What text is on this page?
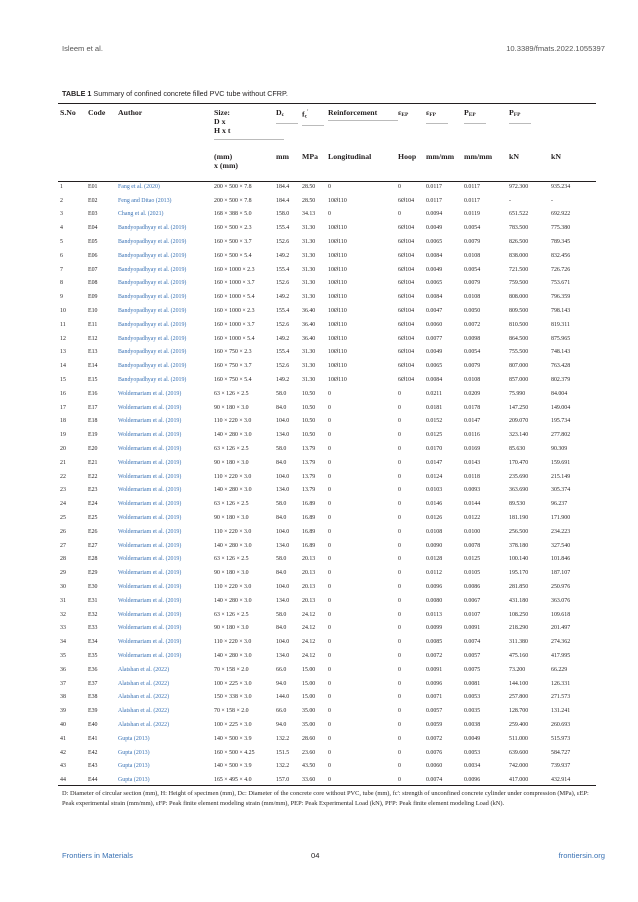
Isleem et al.	10.3389/fmats.2022.1055397
TABLE 1 Summary of confined concrete filled PVC tube without CFRP.
S.No	Code	Author	Size:
D x
H x t	$D_c$	$f_c'$	Reinforcement	$\varepsilon_{EP}$	$\varepsilon_{FP}$	$P_{EP}$	$P_{FP}$

			(mm)
x (mm)	mm	MPa	Longitudinal	Hoop	mm/mm	mm/mm	kN	kN
1	E01	Fang et al. (2020)	200 × 500 × 7.8	184.4	28.50	0	0	0.0117	0.0117	972.300	935.234
2	E02	Feng and Ditao (2013)	200 × 500 × 7.8	184.4	28.50	10Ø110	6Ø104	0.0117	0.0117	-	-
3	E03	Chang et al. (2021)	168 × 388 × 5.0	158.0	34.13	0	0	0.0094	0.0119	651.522	692.922
4	E04	Bandyopadhyay et al. (2019)	160 × 500 × 2.3	155.4	31.30	10Ø110	6Ø104	0.0049	0.0054	783.500	775.380
5	E05	Bandyopadhyay et al. (2019)	160 × 500 × 3.7	152.6	31.30	10Ø110	6Ø104	0.0065	0.0079	826.500	789.345
6	E06	Bandyopadhyay et al. (2019)	160 × 500 × 5.4	149.2	31.30	10Ø110	6Ø104	0.0084	0.0108	838.000	832.456
7	E07	Bandyopadhyay et al. (2019)	160 × 1000 × 2.3	155.4	31.30	10Ø110	6Ø104	0.0049	0.0054	721.500	726.726
8	E08	Bandyopadhyay et al. (2019)	160 × 1000 × 3.7	152.6	31.30	10Ø110	6Ø104	0.0065	0.0079	759.500	753.671
9	E09	Bandyopadhyay et al. (2019)	160 × 1000 × 5.4	149.2	31.30	10Ø110	6Ø104	0.0084	0.0108	808.000	796.359
10	E10	Bandyopadhyay et al. (2019)	160 × 1000 × 2.3	155.4	36.40	10Ø110	6Ø104	0.0047	0.0050	809.500	798.143
11	E11	Bandyopadhyay et al. (2019)	160 × 1000 × 3.7	152.6	36.40	10Ø110	6Ø104	0.0060	0.0072	810.500	819.311
12	E12	Bandyopadhyay et al. (2019)	160 × 1000 × 5.4	149.2	36.40	10Ø110	6Ø104	0.0077	0.0098	864.500	875.965
13	E13	Bandyopadhyay et al. (2019)	160 × 750 × 2.3	155.4	31.30	10Ø110	6Ø104	0.0049	0.0054	755.500	748.143
14	E14	Bandyopadhyay et al. (2019)	160 × 750 × 3.7	152.6	31.30	10Ø110	6Ø104	0.0065	0.0079	807.000	763.428
15	E15	Bandyopadhyay et al. (2019)	160 × 750 × 5.4	149.2	31.30	10Ø110	6Ø104	0.0084	0.0108	857.000	802.379
16	E16	Woldemariam et al. (2019)	63 × 126 × 2.5	58.0	10.50	0	0	0.0211	0.0209	75.990	84.004
17	E17	Woldemariam et al. (2019)	90 × 180 × 3.0	84.0	10.50	0	0	0.0181	0.0178	147.250	149.004
18	E18	Woldemariam et al. (2019)	110 × 220 × 3.0	104.0	10.50	0	0	0.0152	0.0147	209.070	195.734
19	E19	Woldemariam et al. (2019)	140 × 280 × 3.0	134.0	10.50	0	0	0.0125	0.0116	323.140	277.802
20	E20	Woldemariam et al. (2019)	63 × 126 × 2.5	58.0	13.79	0	0	0.0170	0.0169	85.630	90.309
21	E21	Woldemariam et al. (2019)	90 × 180 × 3.0	84.0	13.79	0	0	0.0147	0.0143	170.470	159.691
22	E22	Woldemariam et al. (2019)	110 × 220 × 3.0	104.0	13.79	0	0	0.0124	0.0118	235.690	215.149
23	E23	Woldemariam et al. (2019)	140 × 280 × 3.0	134.0	13.79	0	0	0.0103	0.0093	363.690	305.374
24	E24	Woldemariam et al. (2019)	63 × 126 × 2.5	58.0	16.89	0	0	0.0146	0.0144	89.530	96.237
25	E25	Woldemariam et al. (2019)	90 × 180 × 3.0	84.0	16.89	0	0	0.0126	0.0122	181.190	171.900
26	E26	Woldemariam et al. (2019)	110 × 220 × 3.0	104.0	16.89	0	0	0.0108	0.0100	256.500	234.223
27	E27	Woldemariam et al. (2019)	140 × 280 × 3.0	134.0	16.89	0	0	0.0090	0.0078	378.180	327.540
28	E28	Woldemariam et al. (2019)	63 × 126 × 2.5	58.0	20.13	0	0	0.0128	0.0125	100.140	101.846
29	E29	Woldemariam et al. (2019)	90 × 180 × 3.0	84.0	20.13	0	0	0.0112	0.0105	195.170	187.107
30	E30	Woldemariam et al. (2019)	110 × 220 × 3.0	104.0	20.13	0	0	0.0096	0.0086	281.850	250.976
31	E31	Woldemariam et al. (2019)	140 × 280 × 3.0	134.0	20.13	0	0	0.0080	0.0067	431.180	363.076
32	E32	Woldemariam et al. (2019)	63 × 126 × 2.5	58.0	24.12	0	0	0.0113	0.0107	108.250	109.618
33	E33	Woldemariam et al. (2019)	90 × 180 × 3.0	84.0	24.12	0	0	0.0099	0.0091	218.290	201.497
34	E34	Woldemariam et al. (2019)	110 × 220 × 3.0	104.0	24.12	0	0	0.0085	0.0074	311.380	274.362
35	E35	Woldemariam et al. (2019)	140 × 280 × 3.0	134.0	24.12	0	0	0.0072	0.0057	475.160	417.995
36	E36	Alatshan et al. (2022)	70 × 158 × 2.0	66.0	15.00	0	0	0.0091	0.0075	73.200	66.229
37	E37	Alatshan et al. (2022)	100 × 225 × 3.0	94.0	15.00	0	0	0.0096	0.0081	144.100	126.331
38	E38	Alatshan et al. (2022)	150 × 338 × 3.0	144.0	15.00	0	0	0.0071	0.0053	257.800	271.573
39	E39	Alatshan et al. (2022)	70 × 158 × 2.0	66.0	35.00	0	0	0.0057	0.0035	128.700	131.241
40	E40	Alatshan et al. (2022)	100 × 225 × 3.0	94.0	35.00	0	0	0.0059	0.0038	259.400	260.693
41	E41	Gupta (2013)	140 × 500 × 3.9	132.2	28.60	0	0	0.0072	0.0049	511.000	515.973
42	E42	Gupta (2013)	160 × 500 × 4.25	151.5	23.60	0	0	0.0076	0.0053	639.600	584.727
43	E43	Gupta (2013)	140 × 500 × 3.9	132.2	43.50	0	0	0.0060	0.0034	742.000	739.937
44	E44	Gupta (2013)	165 × 495 × 4.0	157.0	33.60	0	0	0.0074	0.0096	417.000	432.914
D: Diameter of circular section (mm), H: Height of specimen (mm), Dc: Diameter of the concrete core without PVC, tube (mm), fc': strength of unconfined concrete cylinder under compression (MPa), εEP: Peak experimental strain (mm/mm), εFP: Peak finite element modeling strain (mm/mm), PEP: Peak Experimental Load (kN), PFP: Peak finite element modeling Load (kN).
Frontiers in Materials	04	frontiersin.org
